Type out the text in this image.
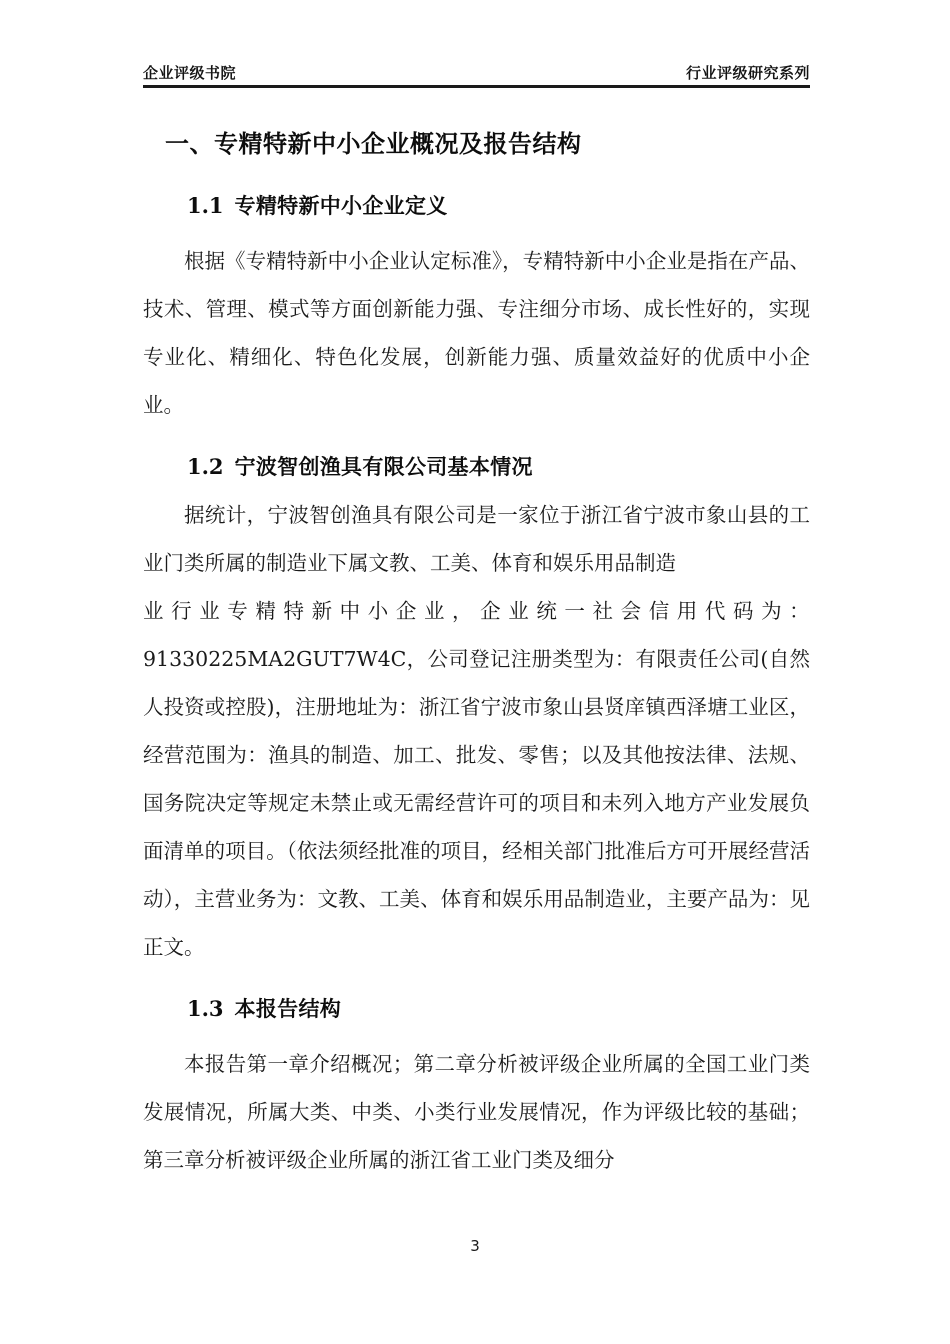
企业评级书院	行业评级研究系列
一、专精特新中小企业概况及报告结构
1.1 专精特新中小企业定义

根据《专精特新中小企业认定标准》，专精特新中小企业是指在产品、技术、管理、模式等方面创新能力强、专注细分市场、成长性好的，实现专业化、精细化、特色化发展，创新能力强、质量效益好的优质中小企业。

1.2 宁波智创渔具有限公司基本情况
据统计，宁波智创渔具有限公司是一家位于浙江省宁波市象山县的工业门类所属的制造业下属文教、工美、体育和娱乐用品制造
业 行 业 专 精 特 新 中 小 企 业 ， 企 业 统 一 社 会 信 用 代 码 为 ：
91330225MA2GUT7W4C，公司登记注册类型为：有限责任公司(自然人投资或控股)，注册地址为：浙江省宁波市象山县贤庠镇西泽塘工业区，经营范围为：渔具的制造、加工、批发、零售；以及其他按法律、法规、国务院决定等规定未禁止或无需经营许可的项目和未列入地方产业发展负面清单的项目。（依法须经批准的项目，经相关部门批准后方可开展经营活动），主营业务为：文教、工美、体育和娱乐用品制造业，主要产品为：见正文。
1.3 本报告结构

本报告第一章介绍概况；第二章分析被评级企业所属的全国工业门类发展情况，所属大类、中类、小类行业发展情况，作为评级比较的基础；第三章分析被评级企业所属的浙江省工业门类及细分

3
